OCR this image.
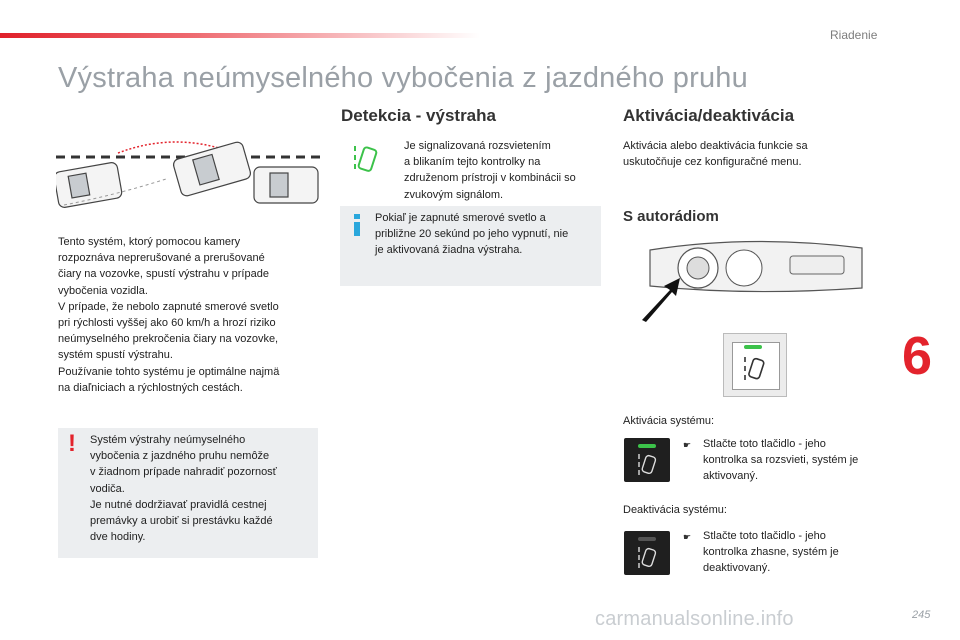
Riadenie
Výstraha neúmyselného vybočenia z jazdného pruhu
Tento systém, ktorý pomocou kamery
rozpoznáva neprerušované a prerušované
čiary na vozovke, spustí výstrahu v prípade
vybočenia vozidla.
V prípade, že nebolo zapnuté smerové svetlo
pri rýchlosti vyššej ako 60 km/h a hrozí riziko
neúmyselného prekročenia čiary na vozovke,
systém spustí výstrahu.
Používanie tohto systému je optimálne najmä
na diaľniciach a rýchlostných cestách.
! Systém výstrahy neúmyselného
vybočenia z jazdného pruhu nemôže
v žiadnom prípade nahradiť pozornosť
vodiča.
Je nutné dodržiavať pravidlá cestnej
premávky a urobiť si prestávku každé
dve hodiny.
Detekcia - výstraha
Je signalizovaná rozsvietením
a blikaním tejto kontrolky na
združenom prístroji v kombinácii so
zvukovým signálom.
Pokiaľ je zapnuté smerové svetlo a
približne 20 sekúnd po jeho vypnutí, nie
je aktivovaná žiadna výstraha.
Aktivácia/deaktivácia
Aktivácia alebo deaktivácia funkcie sa
uskutočňuje cez konfiguračné menu.
S autorádiom
Aktivácia systému:
☛ Stlačte toto tlačidlo - jeho
kontrolka sa rozsvieti, systém je
aktivovaný.
Deaktivácia systému:
☛ Stlačte toto tlačidlo - jeho
kontrolka zhasne, systém je
deaktivovaný.
6
carmanualsonline.info	245
